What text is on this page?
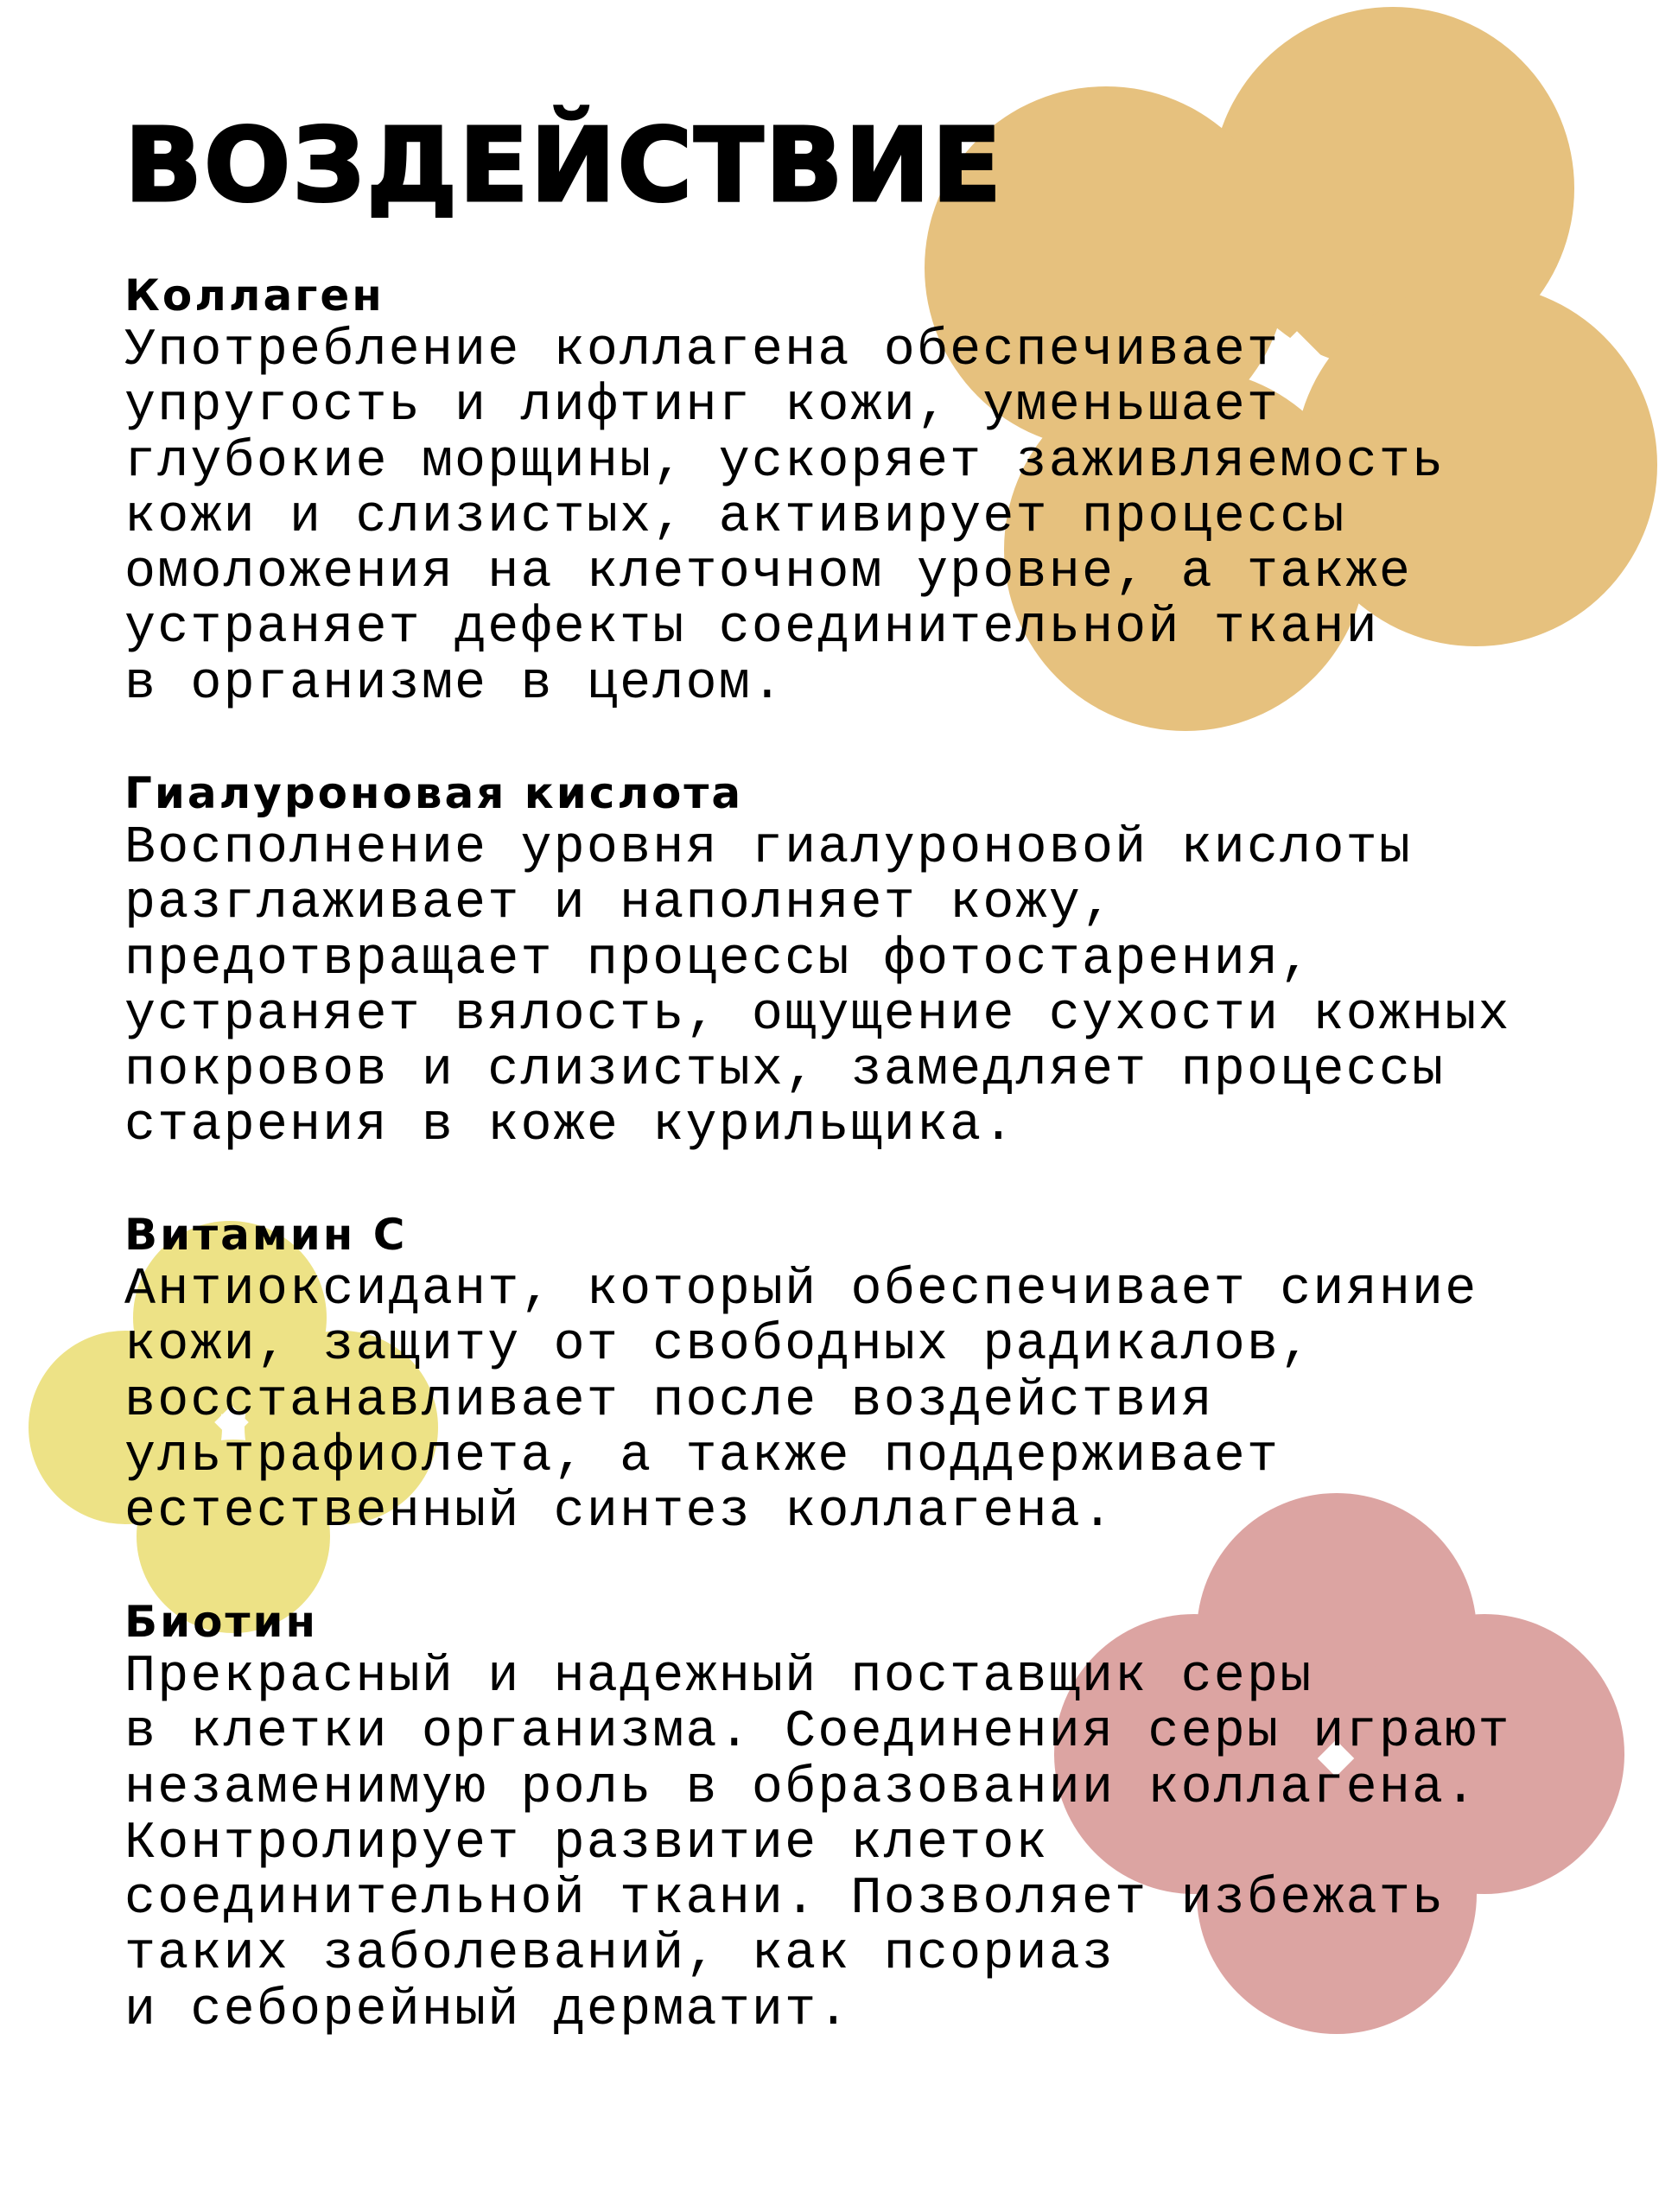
ВОЗДЕЙСТВИЕ
Коллаген

Употребление коллагена обеспечивает
упругость и лифтинг кожи, уменьшает
глубокие морщины, ускоряет заживляемость
кожи и слизистых, активирует процессы
омоложения на клеточном уровне, а также
устраняет дефекты соединительной ткани
в организме в целом.

Гиалуроновая кислота

Восполнение уровня гиалуроновой кислоты
разглаживает и наполняет кожу,
предотвращает процессы фотостарения,
устраняет вялость, ощущение сухости кожных
покровов и слизистых, замедляет процессы
старения в коже курильщика.

Витамин С

Антиоксидант, который обеспечивает сияние
кожи, защиту от свободных радикалов,
восстанавливает после воздействия
ультрафиолета, а также поддерживает
естественный синтез коллагена.

Биотин

Прекрасный и надежный поставщик серы
в клетки организма. Соединения серы играют
незаменимую роль в образовании коллагена.
Контролирует развитие клеток
соединительной ткани. Позволяет избежать
таких заболеваний, как псориаз
и себорейный дерматит.
